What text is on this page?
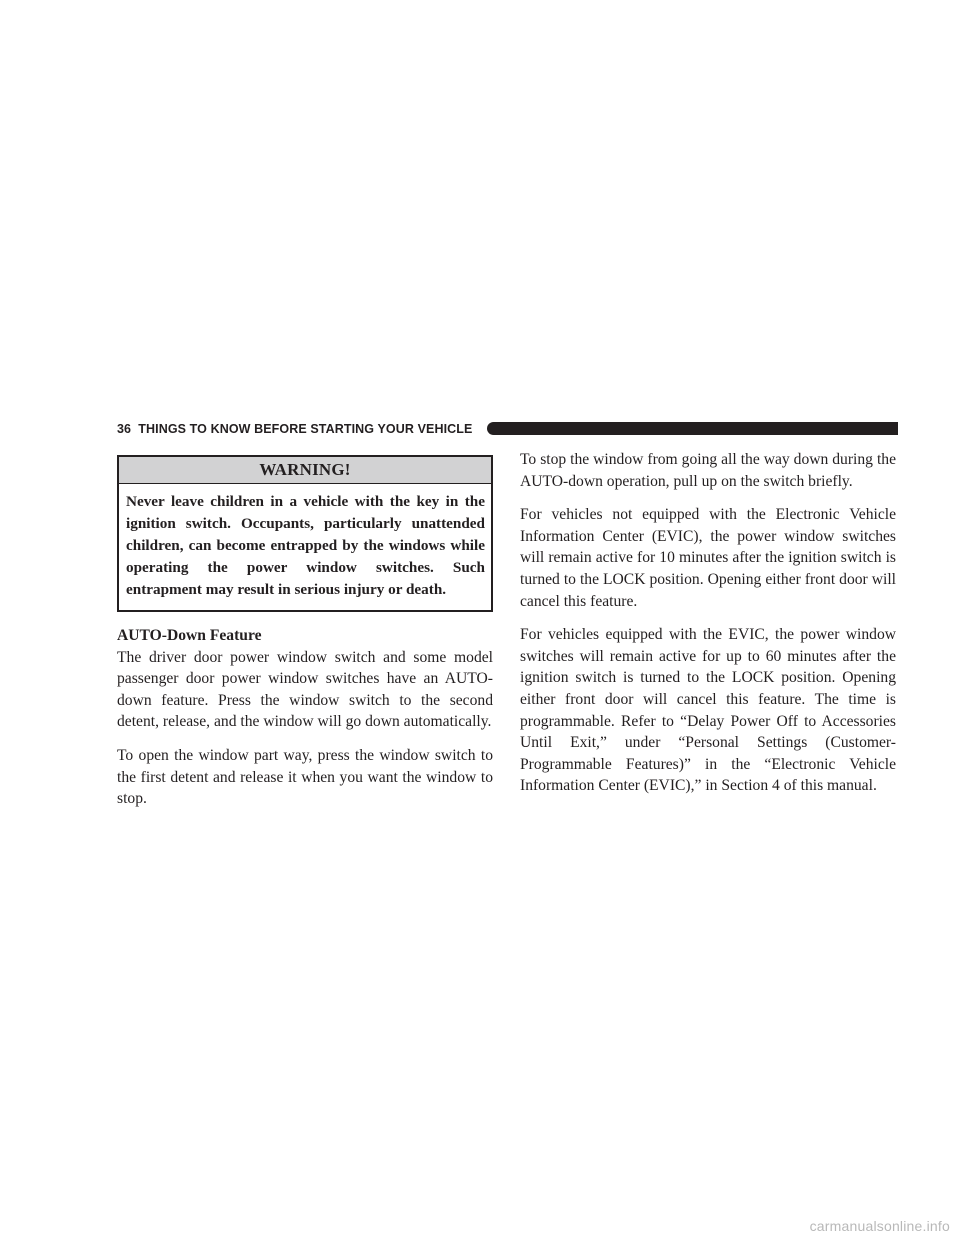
36 THINGS TO KNOW BEFORE STARTING YOUR VEHICLE
WARNING!
Never leave children in a vehicle with the key in the ignition switch. Occupants, particularly unattended children, can become entrapped by the windows while operating the power window switches. Such entrapment may result in serious injury or death.
AUTO-Down Feature

The driver door power window switch and some model passenger door power window switches have an AUTO-down feature. Press the window switch to the second detent, release, and the window will go down automatically.

To open the window part way, press the window switch to the first detent and release it when you want the window to stop.

To stop the window from going all the way down during the AUTO-down operation, pull up on the switch briefly.

For vehicles not equipped with the Electronic Vehicle Information Center (EVIC), the power window switches will remain active for 10 minutes after the ignition switch is turned to the LOCK position. Opening either front door will cancel this feature.

For vehicles equipped with the EVIC, the power window switches will remain active for up to 60 minutes after the ignition switch is turned to the LOCK position. Opening either front door will cancel this feature. The time is programmable. Refer to “Delay Power Off to Accessories Until Exit,” under “Personal Settings (Customer-Programmable Features)” in the “Electronic Vehicle Information Center (EVIC),” in Section 4 of this manual.

carmanualsonline.info
